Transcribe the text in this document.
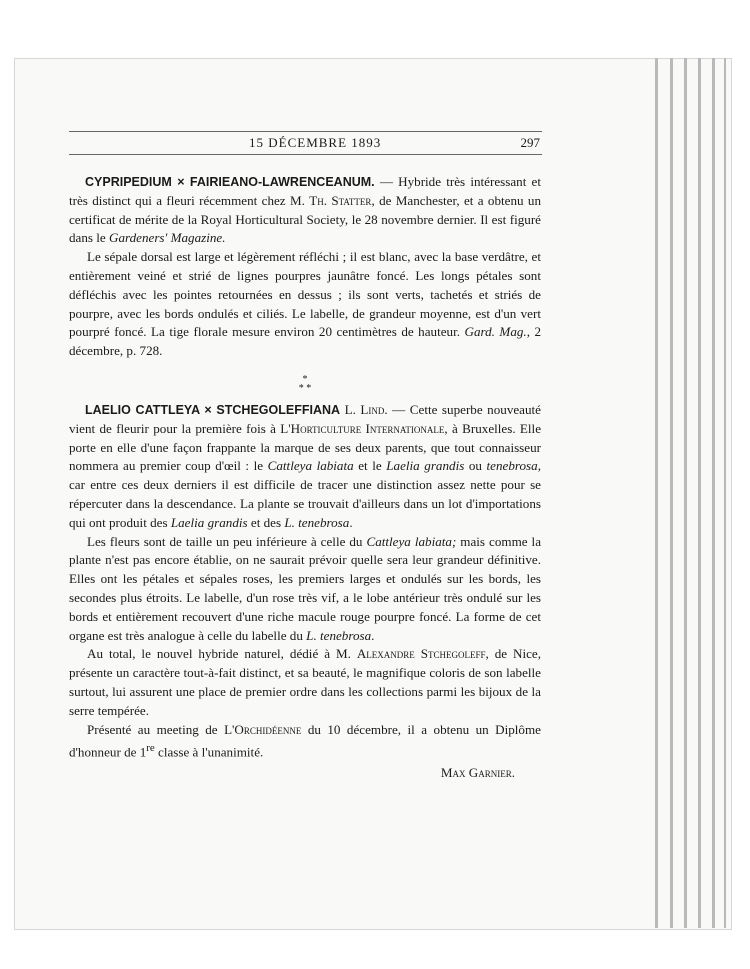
15 DÉCEMBRE 1893	297

CYPRIPEDIUM × FAIRIEANO-LAWRENCEANUM. — Hybride très intéressant et très distinct qui a fleuri récemment chez M. Th. Statter, de Manchester, et a obtenu un certificat de mérite de la Royal Horticultural Society, le 28 novembre dernier. Il est figuré dans le Gardeners' Magazine.

Le sépale dorsal est large et légèrement réfléchi ; il est blanc, avec la base verdâtre, et entièrement veiné et strié de lignes pourpres jaunâtre foncé. Les longs pétales sont défléchis avec les pointes retournées en dessus ; ils sont verts, tachetés et striés de pourpre, avec les bords ondulés et ciliés. Le labelle, de grandeur moyenne, est d'un vert pourpré foncé. La tige florale mesure environ 20 centimètres de hauteur. Gard. Mag., 2 décembre, p. 728.

*
* *

LAELIO CATTLEYA × STCHEGOLEFFIANA L. Lind. — Cette superbe nouveauté vient de fleurir pour la première fois à L'Horticulture Internationale, à Bruxelles. Elle porte en elle d'une façon frappante la marque de ses deux parents, que tout connaisseur nommera au premier coup d'œil : le Cattleya labiata et le Laelia grandis ou tenebrosa, car entre ces deux derniers il est difficile de tracer une distinction assez nette pour se répercuter dans la descendance. La plante se trouvait d'ailleurs dans un lot d'importations qui ont produit des Laelia grandis et des L. tenebrosa.

Les fleurs sont de taille un peu inférieure à celle du Cattleya labiata; mais comme la plante n'est pas encore établie, on ne saurait prévoir quelle sera leur grandeur définitive. Elles ont les pétales et sépales roses, les premiers larges et ondulés sur les bords, les secondes plus étroits. Le labelle, d'un rose très vif, a le lobe antérieur très ondulé sur les bords et entièrement recouvert d'une riche macule rouge pourpre foncé. La forme de cet organe est très analogue à celle du labelle du L. tenebrosa.

Au total, le nouvel hybride naturel, dédié à M. Alexandre Stchegoleff, de Nice, présente un caractère tout-à-fait distinct, et sa beauté, le magnifique coloris de son labelle surtout, lui assurent une place de premier ordre dans les collections parmi les bijoux de la serre tempérée.

Présenté au meeting de L'Orchidéenne du 10 décembre, il a obtenu un Diplôme d'honneur de 1re classe à l'unanimité.

Max Garnier.
